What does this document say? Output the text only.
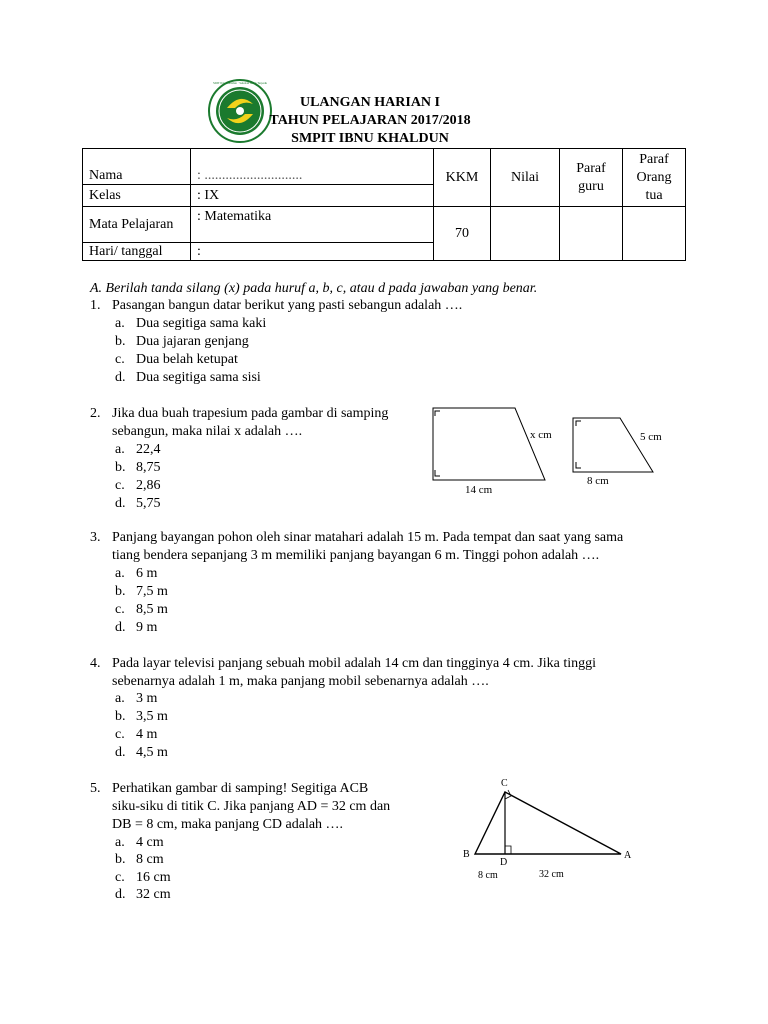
SDIT Ibnu Khaldun · Sekolah Islam Terpadu
ULANGAN HARIAN I
TAHUN PELAJARAN 2017/2018
SMPIT IBNU KHALDUN
Nama	: ............................	KKM	Nilai	Paraf guru	Paraf Orang tua
Kelas	: IX				
Mata Pelajaran	: Matematika	70			
Hari/ tanggal	:				
A. Berilah tanda silang (x) pada huruf a, b, c, atau d pada jawaban yang benar.
1. Pasangan bangun datar berikut yang pasti sebangun adalah ….
a. Dua segitiga sama kaki
b. Dua jajaran genjang
c. Dua belah ketupat
d. Dua segitiga sama sisi
2. Jika dua buah trapesium pada gambar di samping
sebangun, maka nilai x adalah ….
a. 22,4
b. 8,75
c. 2,86
d. 5,75
14 cm
x cm
8 cm
5 cm
3. Panjang bayangan pohon oleh sinar matahari adalah 15 m. Pada tempat dan saat yang sama
tiang bendera sepanjang 3 m memiliki panjang bayangan 6 m. Tinggi pohon adalah ….
a. 6 m
b. 7,5 m
c. 8,5 m
d. 9 m
4. Pada layar televisi panjang sebuah mobil adalah 14 cm dan tingginya 4 cm. Jika tinggi
sebenarnya adalah 1 m, maka panjang mobil sebenarnya adalah ….
a. 3 m
b. 3,5 m
c. 4 m
d. 4,5 m
5. Perhatikan gambar di samping! Segitiga ACB
siku-siku di titik C. Jika panjang AD = 32 cm dan
DB = 8 cm, maka panjang CD adalah ….
a. 4 cm
b. 8 cm
c. 16 cm
d. 32 cm
C
B
D
A
8 cm	32 cm
